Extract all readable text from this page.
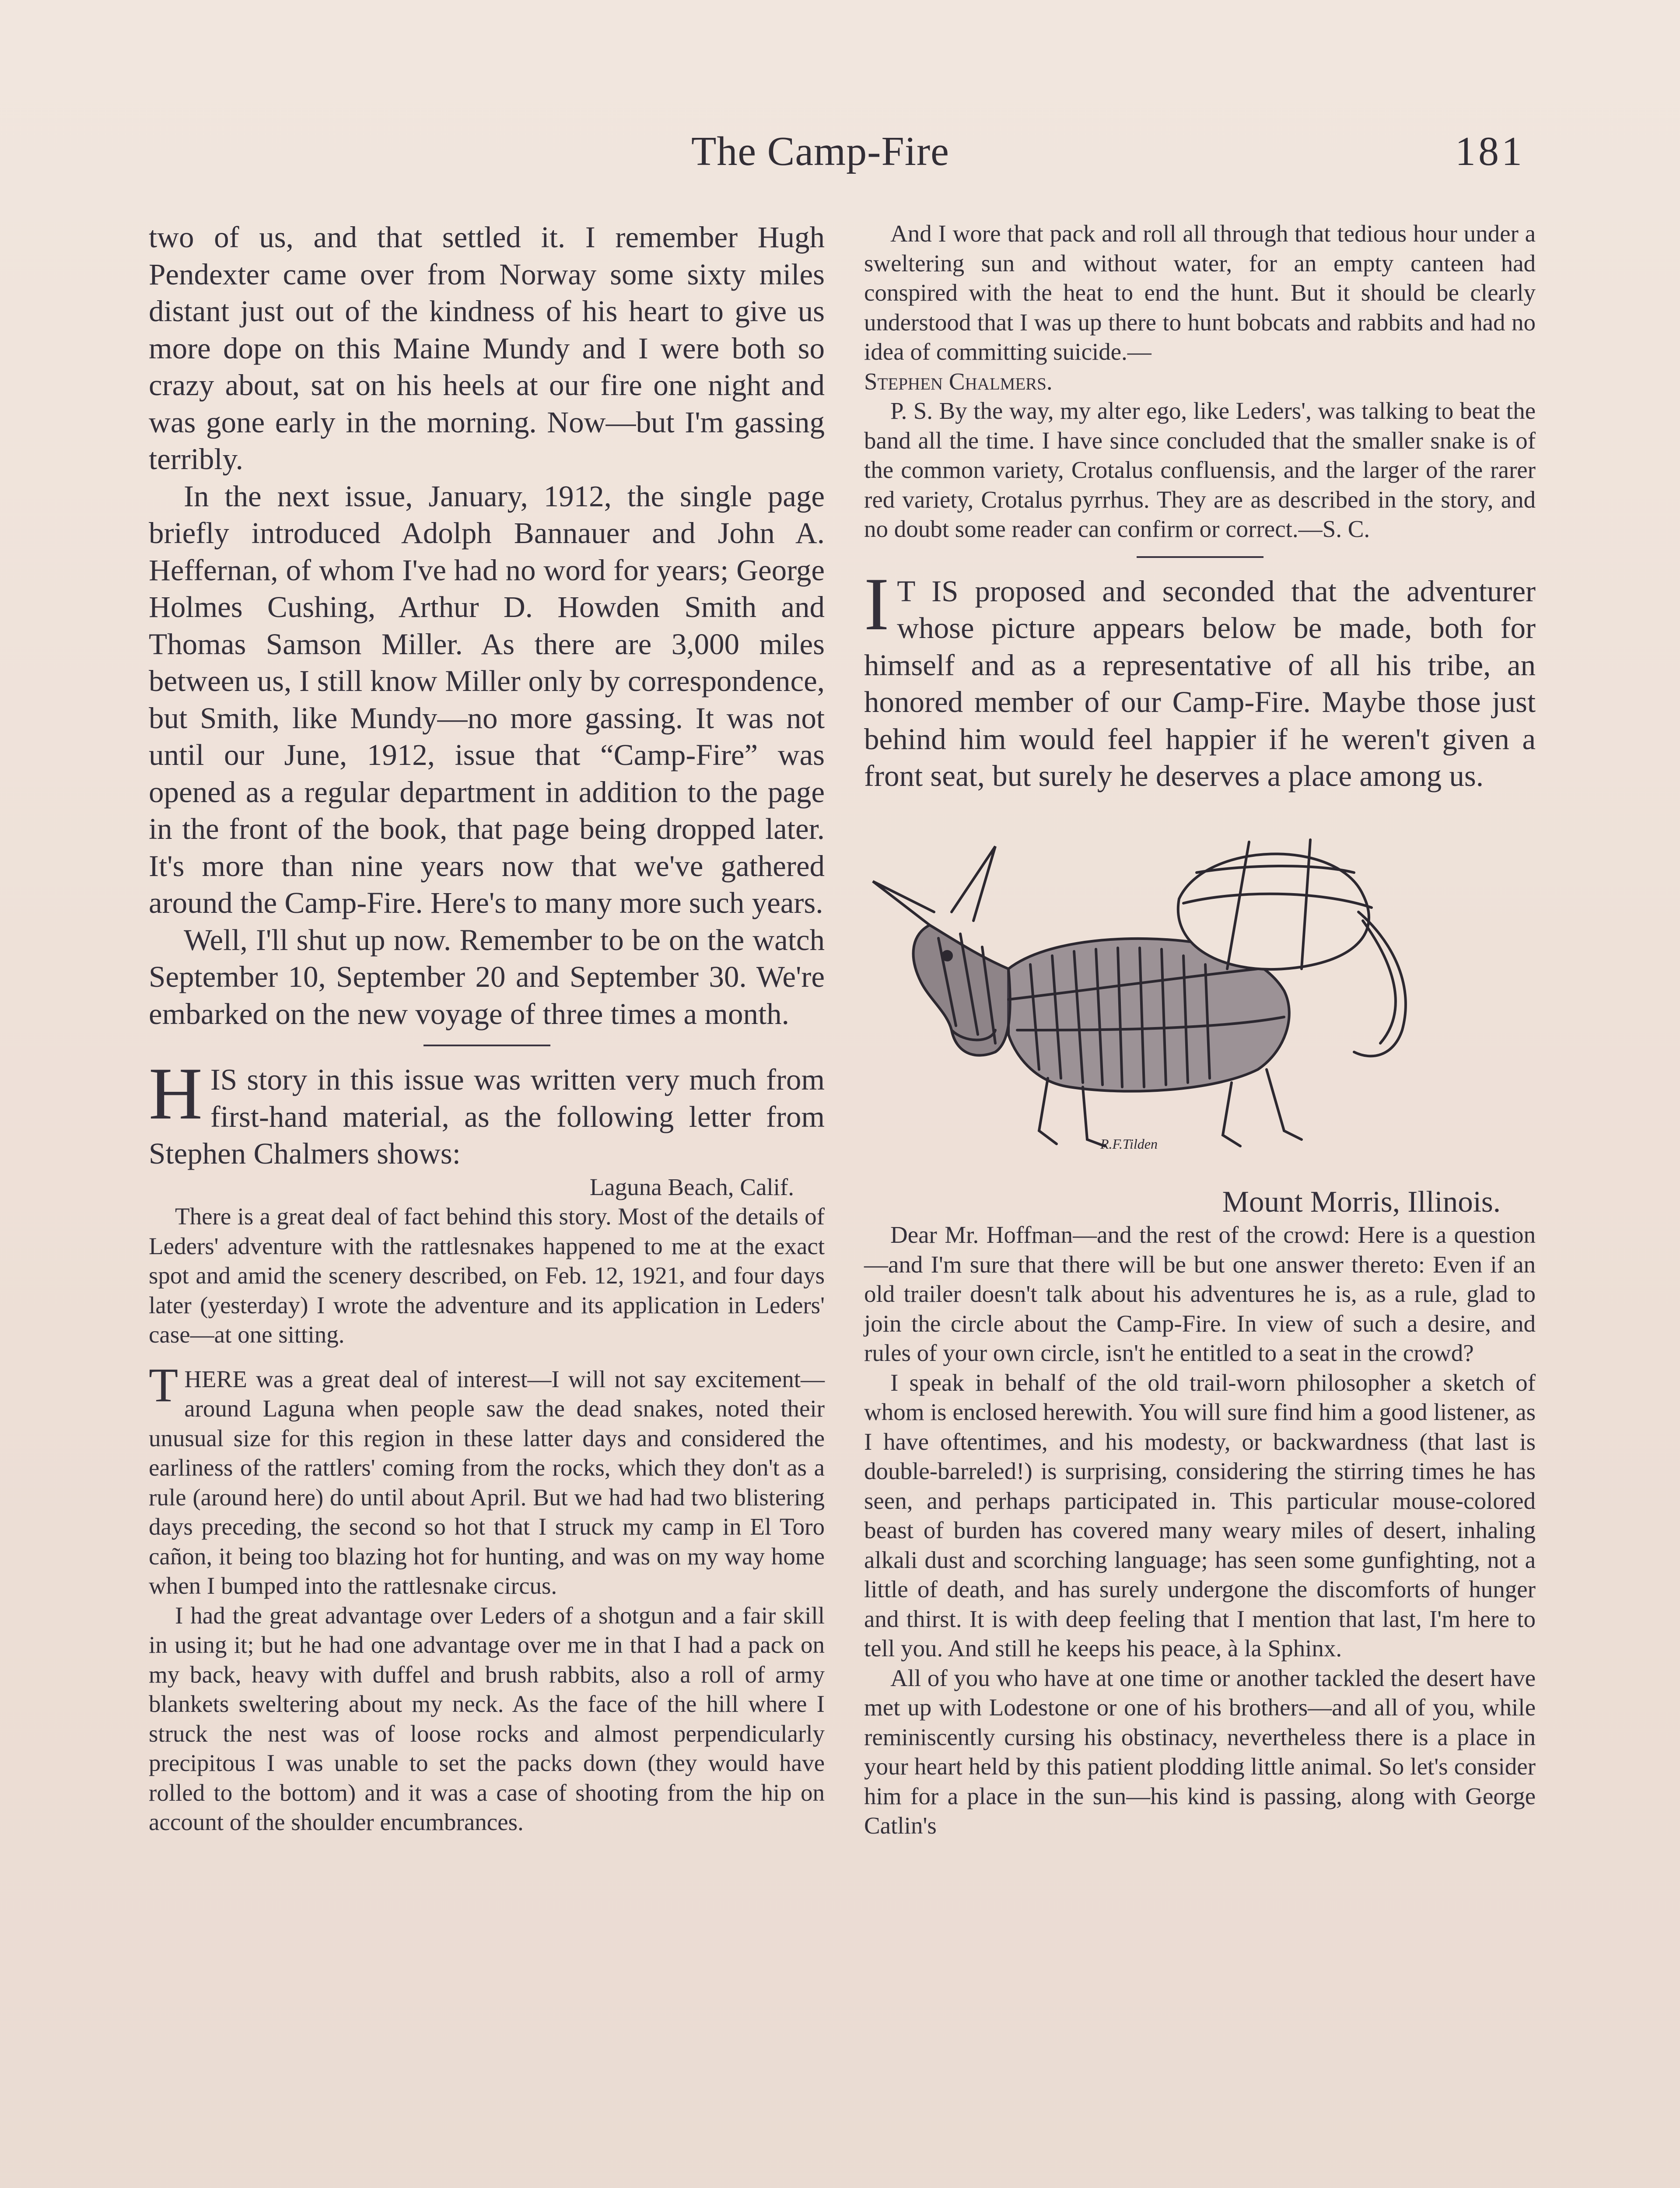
The Camp-Fire	181

two of us, and that settled it. I remember Hugh Pendexter came over from Norway some sixty miles distant just out of the kindness of his heart to give us more dope on this Maine Mundy and I were both so crazy about, sat on his heels at our fire one night and was gone early in the morning. Now—but I'm gassing terribly.

In the next issue, January, 1912, the single page briefly introduced Adolph Bannauer and John A. Heffernan, of whom I've had no word for years; George Holmes Cushing, Arthur D. Howden Smith and Thomas Samson Miller. As there are 3,000 miles between us, I still know Miller only by correspondence, but Smith, like Mundy—no more gassing. It was not until our June, 1912, issue that “Camp-Fire” was opened as a regular department in addition to the page in the front of the book, that page being dropped later. It's more than nine years now that we've gathered around the Camp-Fire. Here's to many more such years.

Well, I'll shut up now. Remember to be on the watch September 10, September 20 and September 30. We're embarked on the new voyage of three times a month.

HIS story in this issue was written very much from first-hand material, as the following letter from Stephen Chalmers shows:

Laguna Beach, Calif.

There is a great deal of fact behind this story. Most of the details of Leders' adventure with the rattlesnakes happened to me at the exact spot and amid the scenery described, on Feb. 12, 1921, and four days later (yesterday) I wrote the adventure and its application in Leders' case—at one sitting.

THERE was a great deal of interest—I will not say excitement—around Laguna when people saw the dead snakes, noted their unusual size for this region in these latter days and considered the earliness of the rattlers' coming from the rocks, which they don't as a rule (around here) do until about April. But we had had two blistering days preceding, the second so hot that I struck my camp in El Toro cañon, it being too blazing hot for hunting, and was on my way home when I bumped into the rattlesnake circus.

I had the great advantage over Leders of a shotgun and a fair skill in using it; but he had one advantage over me in that I had a pack on my back, heavy with duffel and brush rabbits, also a roll of army blankets sweltering about my neck. As the face of the hill where I struck the nest was of loose rocks and almost perpendicularly precipitous I was unable to set the packs down (they would have rolled to the bottom) and it was a case of shooting from the hip on account of the shoulder encumbrances.

And I wore that pack and roll all through that tedious hour under a sweltering sun and without water, for an empty canteen had conspired with the heat to end the hunt. But it should be clearly understood that I was up there to hunt bobcats and rabbits and had no idea of committing suicide.—

Stephen Chalmers.

P. S. By the way, my alter ego, like Leders', was talking to beat the band all the time. I have since concluded that the smaller snake is of the common variety, Crotalus confluensis, and the larger of the rarer red variety, Crotalus pyrrhus. They are as described in the story, and no doubt some reader can confirm or correct.—S. C.

I T IS proposed and seconded that the adventurer whose picture appears below be made, both for himself and as a representative of all his tribe, an honored member of our Camp-Fire. Maybe those just behind him would feel happier if he weren't given a front seat, but surely he deserves a place among us.

R.F.Tilden

Mount Morris, Illinois.

Dear Mr. Hoffman—and the rest of the crowd: Here is a question—and I'm sure that there will be but one answer thereto: Even if an old trailer doesn't talk about his adventures he is, as a rule, glad to join the circle about the Camp-Fire. In view of such a desire, and rules of your own circle, isn't he entitled to a seat in the crowd?

I speak in behalf of the old trail-worn philosopher a sketch of whom is enclosed herewith. You will sure find him a good listener, as I have oftentimes, and his modesty, or backwardness (that last is double-barreled!) is surprising, considering the stirring times he has seen, and perhaps participated in. This particular mouse-colored beast of burden has covered many weary miles of desert, inhaling alkali dust and scorching language; has seen some gunfighting, not a little of death, and has surely undergone the discomforts of hunger and thirst. It is with deep feeling that I mention that last, I'm here to tell you. And still he keeps his peace, à la Sphinx.

All of you who have at one time or another tackled the desert have met up with Lodestone or one of his brothers—and all of you, while reminiscently cursing his obstinacy, nevertheless there is a place in your heart held by this patient plodding little animal. So let's consider him for a place in the sun—his kind is passing, along with George Catlin's
